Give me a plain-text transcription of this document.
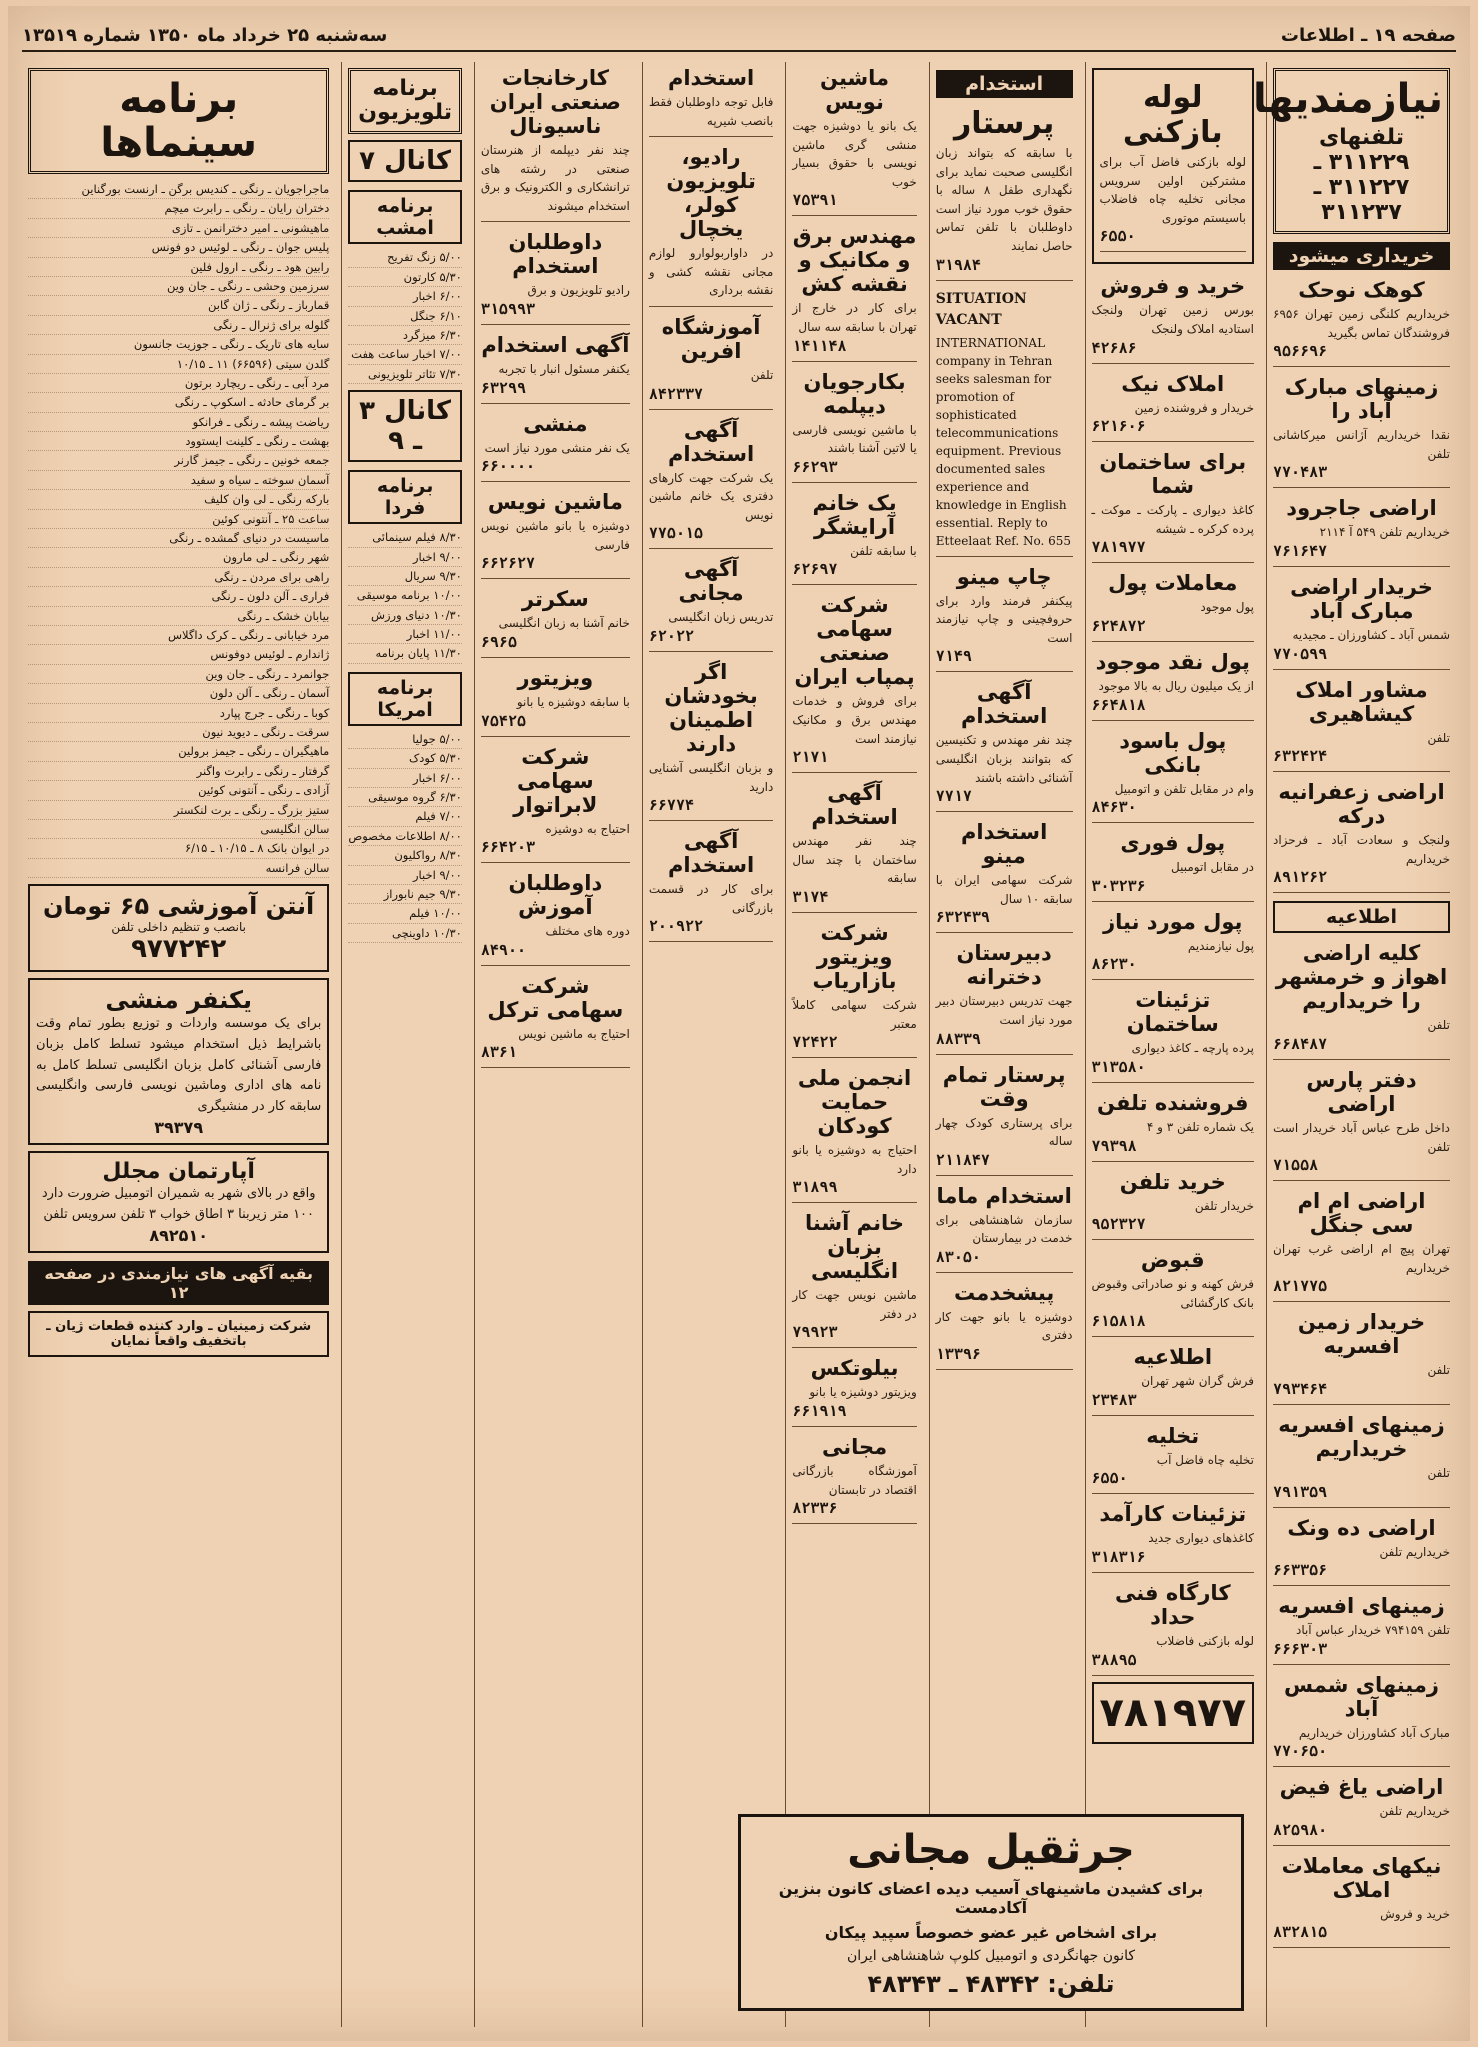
صفحه ۱۹ ـ اطلاعات
سه‌شنبه ۲۵ خرداد ماه ۱۳۵۰ شماره ۱۳۵۱۹
نیازمندیها
تلفنهای ۳۱۱۲۲۹ ـ ۳۱۱۲۲۷ ـ ۳۱۱۲۳۷
خریداری میشود
کوهک نوحک
خریداریم کلنگی زمین تهران ۶۹۵۶ فروشندگان تماس بگیرید
۹۵۶۶۹۶
زمینهای مبارک آباد را
نقدا خریداریم آژانس میرکاشانی تلفن
۷۷۰۴۸۳
اراضی جاجرود
خریداریم تلفن ۵۴۹ آ ۲۱۱۴
۷۶۱۶۴۷
خریدار اراضی مبارک آباد
شمس آباد ـ کشاورزان ـ مجیدیه
۷۷۰۵۹۹
مشاور املاک کیشاهیری
تلفن
۶۳۲۴۲۴
اراضی زعفرانیه درکه
ولنجک و سعادت آباد ـ فرحزاد خریداریم
۸۹۱۲۶۲
اطلاعیه
کلیه اراضی اهواز و خرمشهر را خریداریم
تلفن
۶۶۸۴۸۷
دفتر پارس اراضی
داخل طرح عباس آباد خریدار است تلفن
۷۱۵۵۸
اراضی ام ام سی جنگل
تهران پیچ ام اراضی غرب تهران خریداریم
۸۲۱۷۷۵
خریدار زمین افسریه
تلفن
۷۹۳۴۶۴
زمینهای افسریه خریداریم
تلفن
۷۹۱۳۵۹
اراضی ده ونک
خریداریم تلفن
۶۶۳۳۵۶
زمینهای افسریه
تلفن ۷۹۴۱۵۹ خریدار عباس آباد
۶۶۶۳۰۳
زمینهای شمس آباد
مبارک آباد کشاورزان خریداریم
۷۷۰۶۵۰
اراضی یاغ فیض
خریداریم تلفن
۸۲۵۹۸۰
نیکهای معاملات املاک
خرید و فروش
۸۳۲۸۱۵
لوله بازکنی
لوله بازکنی فاضل آب برای مشترکین اولین سرویس مجانی تخلیه چاه فاضلاب باسیستم موتوری
۶۵۵۰
خرید و فروش
بورس زمین تهران ولنجک استادیه املاک ولنجک
۴۲۶۸۶
املاک نیک
خریدار و فروشنده زمین
۶۲۱۶۰۶
برای ساختمان شما
کاغذ دیواری ـ پارکت ـ موکت ـ پرده کرکره ـ شیشه
۷۸۱۹۷۷
معاملات پول
پول موجود
۶۲۴۸۷۲
پول نقد موجود
از یک میلیون ریال به بالا موجود
۶۶۴۸۱۸
پول باسود بانکی
وام در مقابل تلفن و اتومبیل
۸۴۶۳۰
پول فوری
در مقابل اتومبیل
۳۰۳۲۳۶
پول مورد نیاز
پول نیازمندیم
۸۶۲۳۰
تزئینات ساختمان
پرده پارچه ـ کاغذ دیواری
۳۱۳۵۸۰
فروشنده تلفن
یک شماره تلفن ۳ و ۴
۷۹۳۹۸
خرید تلفن
خریدار تلفن
۹۵۲۳۲۷
قبوض
فرش کهنه و نو صادراتی وقبوض بانک کارگشائی
۶۱۵۸۱۸
اطلاعیه
فرش گران شهر تهران
۲۳۴۸۳
تخلیه
تخلیه چاه فاضل آب
۶۵۵۰
تزئینات کارآمد
کاغذهای دیواری جدید
۳۱۸۳۱۶
کارگاه فنی حداد
لوله بازکنی فاضلاب
۳۸۸۹۵
۷۸۱۹۷۷
استخدام
پرستار
با سابقه که بتواند زبان انگلیسی صحبت نماید برای نگهداری طفل ۸ ساله با حقوق خوب مورد نیاز است داوطلبان با تلفن تماس حاصل نمایند
۳۱۹۸۴
SITUATION VACANT
INTERNATIONAL company in Tehran seeks salesman for promotion of sophisticated telecommunications equipment. Previous documented sales experience and knowledge in English essential. Reply to Etteelaat Ref. No. 655
چاپ مینو
پیکنفر فرمند وارد برای حروفچینی و چاپ نیازمند است
۷۱۴۹
آگهی استخدام
چند نفر مهندس و تکنیسین که بتوانند بزبان انگلیسی آشنائی داشته باشند
۷۷۱۷
استخدام مینو
شرکت سهامی ایران با سابقه ۱۰ سال
۶۳۲۴۳۹
دبیرستان دخترانه
جهت تدریس دبیرستان دبیر مورد نیاز است
۸۸۳۳۹
پرستار تمام وقت
برای پرستاری کودک چهار ساله
۲۱۱۸۴۷
استخدام ماما
سازمان شاهنشاهی برای خدمت در بیمارستان
۸۳۰۵۰
پیشخدمت
دوشیزه یا بانو جهت کار دفتری
۱۳۳۹۶
ماشین نویس
یک بانو یا دوشیزه جهت منشی گری ماشین نویسی با حقوق بسیار خوب
۷۵۳۹۱
مهندس برق و مکانیک و نقشه کش
برای کار در خارج از تهران با سابقه سه سال
۱۴۱۱۴۸
بکارجویان دیپلمه
با ماشین نویسی فارسی یا لاتین آشنا باشند
۶۶۲۹۳
یک خانم آرایشگر
با سابقه تلفن
۶۲۶۹۷
شرکت سهامی صنعتی پمپاب ایران
برای فروش و خدمات مهندس برق و مکانیک نیازمند است
۲۱۷۱
آگهی استخدام
چند نفر مهندس ساختمان با چند سال سابقه
۳۱۷۴
شرکت ویزیتور بازاریاب
شرکت سهامی کاملاً معتبر
۷۲۴۲۲
انجمن ملی حمایت کودکان
احتیاج به دوشیزه یا بانو دارد
۳۱۸۹۹
خانم آشنا بزبان انگلیسی
ماشین نویس جهت کار در دفتر
۷۹۹۲۳
بیلوتکس
ویزیتور دوشیزه یا بانو
۶۶۱۹۱۹
مجانی
آموزشگاه بازرگانی اقتصاد در تابستان
۸۲۳۳۶
استخدام
فابل توجه داوطلبان فقط بانصب شیرپه
رادیو، تلویزیون کولر، یخچال
در داواربولوارو لوازم مجانی نقشه کشی و نقشه برداری
آموزشگاه افرین
تلفن
۸۴۲۳۳۷
آگهی استخدام
یک شرکت جهت کارهای دفتری یک خانم ماشین نویس
۷۷۵۰۱۵
آگهی مجانی
تدریس زبان انگلیسی
۶۲۰۲۲
اگر بخودشان اطمینان دارند
و بزبان انگلیسی آشنایی دارید
۶۶۷۷۴
آگهی استخدام
برای کار در قسمت بازرگانی
۲۰۰۹۲۲
کارخانجات صنعتی ایران ناسیونال
چند نفر دیپلمه از هنرستان صنعتی در رشته های ترانشکاری و الکترونیک و برق استخدام میشوند
داوطلبان استخدام
رادیو تلویزیون و برق
۳۱۵۹۹۳
آگهی استخدام
یکنفر مسئول انبار با تجربه
۶۳۲۹۹
منشی
یک نفر منشی مورد نیاز است
۶۶۰۰۰۰
ماشین نویس
دوشیزه یا بانو ماشین نویس فارسی
۶۶۲۶۲۷
سکرتر
خانم آشنا به زبان انگلیسی
۶۹۶۵
ویزیتور
با سابقه دوشیزه یا بانو
۷۵۴۲۵
شرکت سهامی لابراتوار
احتیاج به دوشیزه
۶۶۴۲۰۳
داوطلبان آموزش
دوره های مختلف
۸۴۹۰۰
شرکت سهامی ترکل
احتیاج به ماشین نویس
۸۳۶۱
برنامه تلویزیون
کانال ۷
برنامه امشب
۵/۰۰ زنگ تفریح
۵/۳۰ کارتون
۶/۰۰ اخبار
۶/۱۰ جنگل
۶/۳۰ میزگرد
۷/۰۰ اخبار ساعت هفت
۷/۳۰ تئاتر تلویزیونی
کانال ۳ ـ ۹
برنامه فردا
۸/۳۰ فیلم سینمائی
۹/۰۰ اخبار
۹/۳۰ سریال
۱۰/۰۰ برنامه موسیقی
۱۰/۳۰ دنیای ورزش
۱۱/۰۰ اخبار
۱۱/۳۰ پایان برنامه
برنامه امریکا
۵/۰۰ جولیا
۵/۳۰ کودک
۶/۰۰ اخبار
۶/۳۰ گروه موسیقی
۷/۰۰ فیلم
۸/۰۰ اطلاعات مخصوص
۸/۳۰ رواکلیون
۹/۰۰ اخبار
۹/۳۰ جیم نابوراز
۱۰/۰۰ فیلم
۱۰/۳۰ داوینچی
برنامه سینماها
ماجراجویان ـ رنگی ـ کندیس برگن ـ ارنست بورگناین
دختران رایان ـ رنگی ـ رابرت میچم
ماهیشونی ـ امیر دخترانمن ـ تازی
پلیس جوان ـ رنگی ـ لوئیس دو فونس
رابین هود ـ رنگی ـ ارول فلین
سرزمین وحشی ـ رنگی ـ جان وین
قمارباز ـ رنگی ـ ژان گابن
گلوله برای ژنرال ـ رنگی
سایه های تاریک ـ رنگی ـ جوزیت جانسون
گلدن سیتی (۶۶۵۹۶) ۱۱ ـ ۱۰/۱۵
مرد آبی ـ رنگی ـ ریچارد برتون
بر گرمای حادثه ـ اسکوپ ـ رنگی
ریاضت پیشه ـ رنگی ـ فرانکو
بهشت ـ رنگی ـ کلینت ایستوود
جمعه خونین ـ رنگی ـ جیمز گارنر
آسمان سوخته ـ سیاه و سفید
بارکه رنگی ـ لی وان کلیف
ساعت ۲۵ ـ آنتونی کوئین
ماسیست در دنیای گمشده ـ رنگی
شهر رنگی ـ لی مارون
راهی برای مردن ـ رنگی
فراری ـ آلن دلون ـ رنگی
بیابان خشک ـ رنگی
مرد خیابانی ـ رنگی ـ کرک داگلاس
ژاندارم ـ لوئیس دوفونس
جوانمرد ـ رنگی ـ جان وین
آسمان ـ رنگی ـ آلن دلون
کوبا ـ رنگی ـ جرج پپارد
سرقت ـ رنگی ـ دیوید نیون
ماهیگیران ـ رنگی ـ جیمز برولین
گرفتار ـ رنگی ـ رابرت واگنر
آزادی ـ رنگی ـ آنتونی کوئین
ستیز بزرگ ـ رنگی ـ برت لنکستر
سالن انگلیسی
در ایوان بانک ۸ ـ ۱۰/۱۵ ـ ۶/۱۵
سالن فرانسه
آنتن آموزشی ۶۵ تومان
بانصب و تنظیم داخلی تلفن
۹۷۷۲۴۲
یکنفر منشی
برای یک موسسه واردات و توزیع بطور تمام وقت باشرایط ذیل استخدام میشود تسلط کامل بزبان فارسی آشنائی کامل بزبان انگلیسی تسلط کامل به نامه های اداری وماشین نویسی فارسی وانگلیسی سابقه کار در منشیگری
۳۹۳۷۹
آپارتمان مجلل
واقع در بالای شهر به شمیران اتومبیل ضرورت دارد ۱۰۰ متر زیربنا ۳ اطاق خواب ۳ تلفن سرویس تلفن
۸۹۲۵۱۰
بقیه آگهی های نیازمندی در صفحه ۱۲
شرکت زمینیان ـ وارد کننده قطعات ژیان ـ باتخفیف واقعاً نمایان
جرثقیل مجانی
برای کشیدن ماشینهای آسیب دیده اعضای کانون بنزین آکادمست
برای اشخاص غیر عضو خصوصاً سپید پیکان
کانون جهانگردی و اتومبیل کلوپ شاهنشاهی ایران
تلفن: ۴۸۳۴۲ ـ ۴۸۳۴۳
